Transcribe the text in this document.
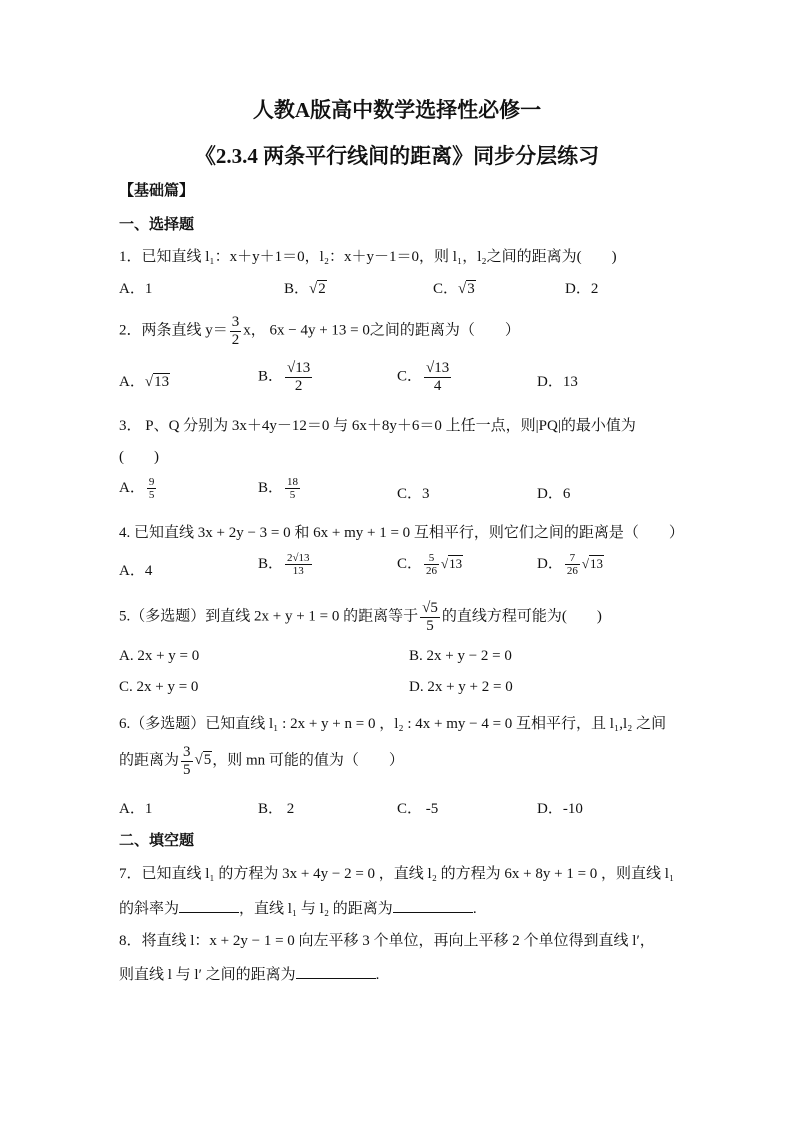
人教A版高中数学选择性必修一
《2.3.4 两条平行线间的距离》同步分层练习
【基础篇】
一、选择题
1．已知直线 l₁：x＋y＋1＝0，l₂：x＋y－1＝0，则 l₁，l₂之间的距离为(　　)
A．1	B．√2	C．√3	D．2
2．两条直线 $y= \frac{3}{2}$ x， 6x − 4y + 13 = 0之间的距离为（　　）
A．√13	B． $\frac{√13}{2}$	C． $\frac{√13}{4}$	D．13
3． P、Q 分别为 3x＋4y－12＝0 与 6x＋8y＋6＝0 上任一点，则|PQ|的最小值为
(　　)
A． $\frac{9}{5}$	B． $\frac{18}{5}$	C．3	D．6
4. 已知直线 3x + 2y − 3 = 0 和 6x + my + 1 = 0 互相平行，则它们之间的距离是（　　）
A．4	B． $\frac{2√13}{13}$	C． $\frac{5}{26} √13$	D． $\frac{7}{26} √13$
5.（多选题）到直线 2x + y + 1 = 0 的距离等于 $\frac{√5}{5}$ 的直线方程可能为(　　)
A. 2x + y = 0	B. 2x + y − 2 = 0
C. 2x + y = 0	D. 2x + y + 2 = 0
6.（多选题）已知直线 l₁ : 2x + y + n = 0 ，l₂ : 4x + my − 4 = 0 互相平行，且 l₁,l₂ 之间
的距离为 $\frac{3}{5} √5$，则 mn 可能的值为（　　）
A．1	B． 2	C． -5	D．-10
二、填空题
7．已知直线 l₁ 的方程为 3x + 4y − 2 = 0 ，直线 l₂ 的方程为 6x + 8y + 1 = 0 ，则直线 l₁
的斜率为	，直线 l₁ 与 l₂ 的距离为	.
8．将直线 l：x + 2y − 1 = 0 向左平移 3 个单位，再向上平移 2 个单位得到直线 l′，
则直线 l 与 l′ 之间的距离为	.
